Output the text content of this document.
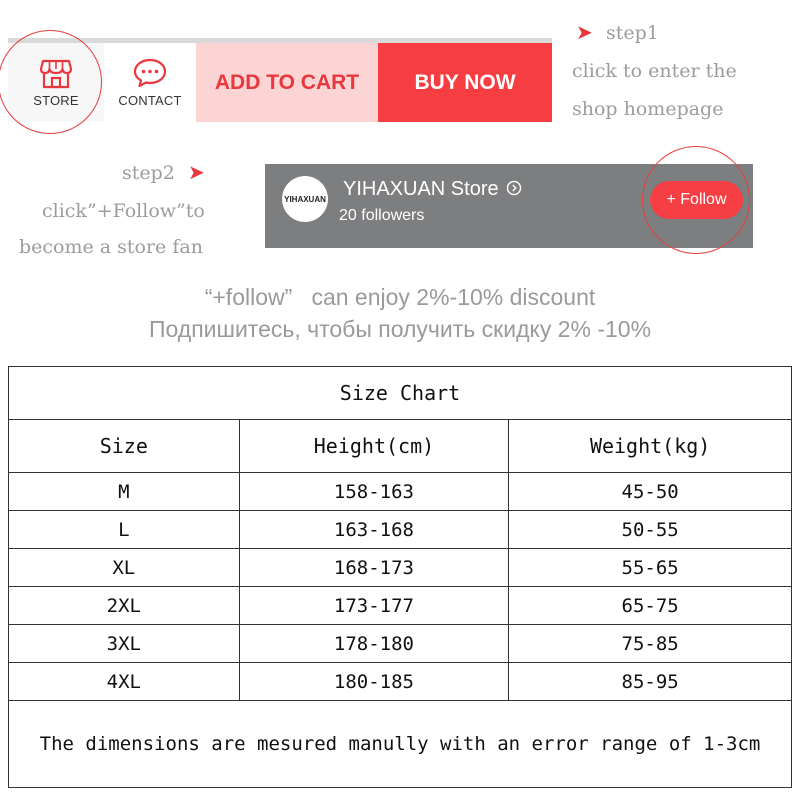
STORE	CONTACT
ADD TO CART	BUY NOW
➤ step1
click to enter the
shop homepage
step2 ➤
click”+Follow”to
become a store fan
YIHAXUAN YIHAXUAN Store
20 followers
+ Follow
“+follow”   can enjoy 2%-10% discount
Подпишитесь, чтобы получить скидку 2% -10%
Size Chart		
Size	Height(cm)	Weight(kg)
M	158-163	45-50
L	163-168	50-55
XL	168-173	55-65
2XL	173-177	65-75
3XL	178-180	75-85
4XL	180-185	85-95
The dimensions are mesured manully with an error range of 1-3cm		
